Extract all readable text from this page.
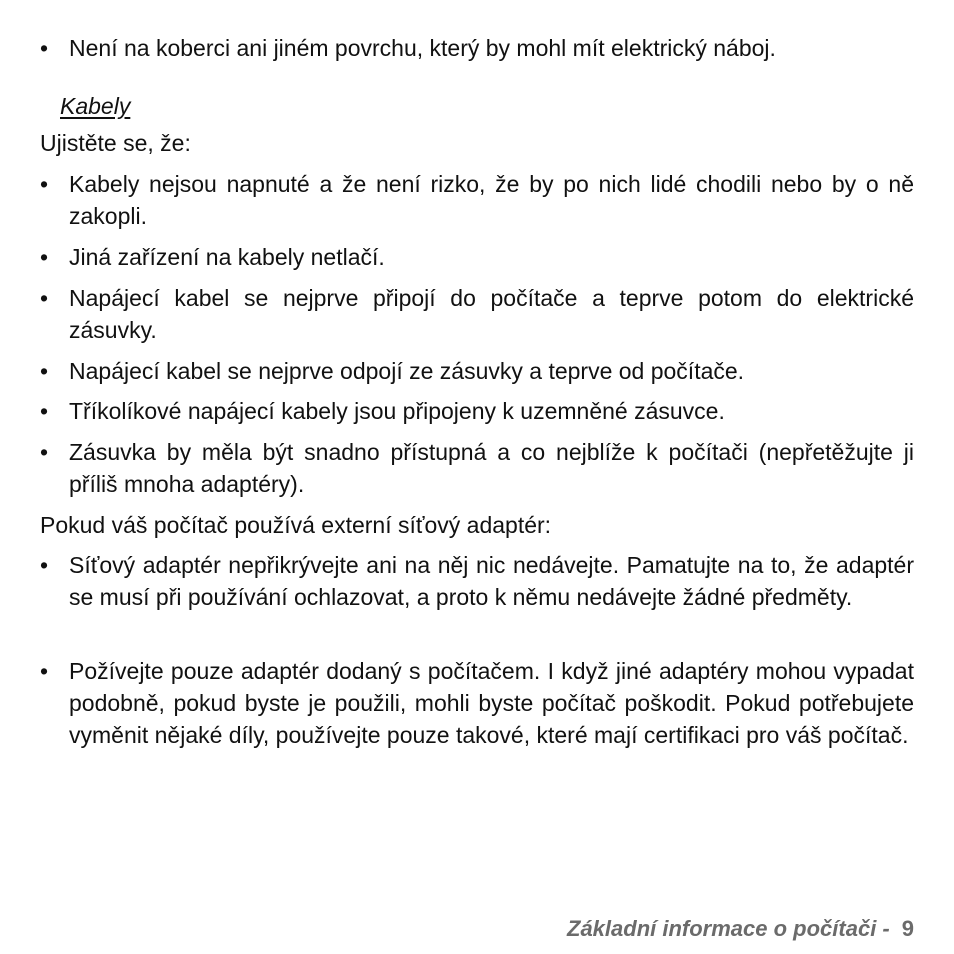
• Není na koberci ani jiném povrchu, který by mohl mít elektrický náboj.
Kabely
Ujistěte se, že:
• Kabely nejsou napnuté a že není rizko, že by po nich lidé chodili nebo by o ně zakopli.
• Jiná zařízení na kabely netlačí.
• Napájecí kabel se nejprve připojí do počítače a teprve potom do elektrické zásuvky.
• Napájecí kabel se nejprve odpojí ze zásuvky a teprve od počítače.
• Tříkolíkové napájecí kabely jsou připojeny k uzemněné zásuvce.
• Zásuvka by měla být snadno přístupná a co nejblíže k počítači (nepřetěžujte ji příliš mnoha adaptéry).
Pokud váš počítač používá externí síťový adaptér:
• Síťový adaptér nepřikrývejte ani na něj nic nedávejte. Pamatujte na to, že adaptér se musí při používání ochlazovat, a proto k němu nedávejte žádné předměty.
• Požívejte pouze adaptér dodaný s počítačem. I když jiné adaptéry mohou vypadat podobně, pokud byste je použili, mohli byste počítač poškodit. Pokud potřebujete vyměnit nějaké díly, používejte pouze takové, které mají certifikaci pro váš počítač.
Základní informace o počítači - 9
